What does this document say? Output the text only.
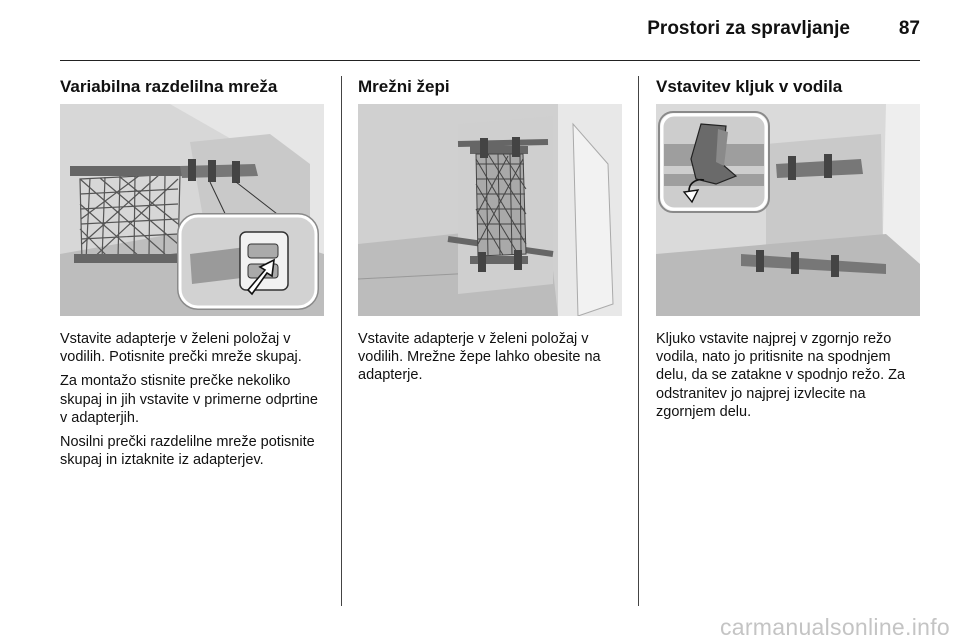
Prostori za spravljanje	87
Variabilna razdelilna mreža

Vstavite adapterje v želeni položaj v vodilih. Potisnite prečki mreže skupaj.

Za montažo stisnite prečke nekoliko skupaj in jih vstavite v primerne odprtine v adapterjih.

Nosilni prečki razdelilne mreže potisnite skupaj in iztaknite iz adapterjev.

Mrežni žepi

Vstavite adapterje v želeni položaj v vodilih. Mrežne žepe lahko obesite na adapterje.

Vstavitev kljuk v vodila

Kljuko vstavite najprej v zgornjo režo vodila, nato jo pritisnite na spodnjem delu, da se zatakne v spodnjo režo. Za odstranitev jo najprej izvlecite na zgornjem delu.

carmanualsonline.info
